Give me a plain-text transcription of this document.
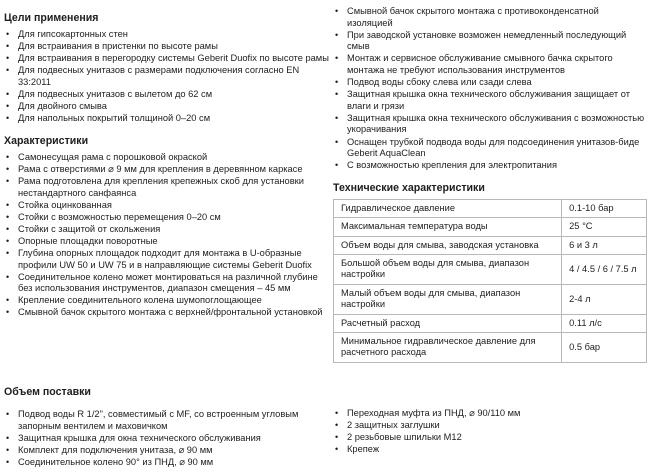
Цели применения
• Для гипсокартонных стен
• Для встраивания в пристенки по высоте рамы
• Для встраивания в перегородку системы Geberit Duofix по высоте рамы
• Для подвесных унитазов с размерами подключения согласно EN 33:2011
• Для подвесных унитазов с вылетом до 62 см
• Для двойного смыва
• Для напольных покрытий толщиной 0–20 см
Характеристики
• Самонесущая рама с порошковой окраской
• Рама с отверстиями ⌀ 9 мм для крепления в деревянном каркасе
• Рама подготовлена для крепления крепежных скоб для установки нестандартного санфаянса
• Стойка оцинкованная
• Стойки с возможностью перемещения 0–20 см
• Стойки с защитой от скольжения
• Опорные площадки поворотные
• Глубина опорных площадок подходит для монтажа в U-образные профили UW 50 и UW 75 и в направляющие системы Geberit Duofix
• Соединительное колено может монтироваться на различной глубине без использования инструментов, диапазон смещения – 45 мм
• Крепление соединительного колена шумопоглощающее
• Смывной бачок скрытого монтажа с верхней/фронтальной установкой
• Смывной бачок скрытого монтажа с противоконденсатной изоляцией
• При заводской установке возможен немедленный последующий смыв
• Монтаж и сервисное обслуживание смывного бачка скрытого монтажа не требуют использования инструментов
• Подвод воды сбоку слева или сзади слева
• Защитная крышка окна технического обслуживания защищает от влаги и грязи
• Защитная крышка окна технического обслуживания с возможностью укорачивания
• Оснащен трубкой подвода воды для подсоединения унитазов-биде Geberit AquaClean
• С возможностью крепления для электропитания
Технические характеристики
Гидравлическое давление	0.1-10 бар
Максимальная температура воды	25 °C
Объем воды для смыва, заводская установка	6 и 3 л
Большой объем воды для смыва, диапазон настройки	4 / 4.5 / 6 / 7.5 л
Малый объем воды для смыва, диапазон настройки	2-4 л
Расчетный расход	0.11 л/с
Минимальное гидравлическое давление для расчетного расхода	0.5 бар
Объем поставки
• Подвод воды R 1/2", совместимый с MF, со встроенным угловым запорным вентилем и маховичком
• Защитная крышка для окна технического обслуживания
• Комплект для подключения унитаза, ⌀ 90 мм
• Соединительное колено 90° из ПНД, ⌀ 90 мм
• Переходная муфта из ПНД, ⌀ 90/110 мм
• 2 защитных заглушки
• 2 резьбовые шпильки M12
• Крепеж
